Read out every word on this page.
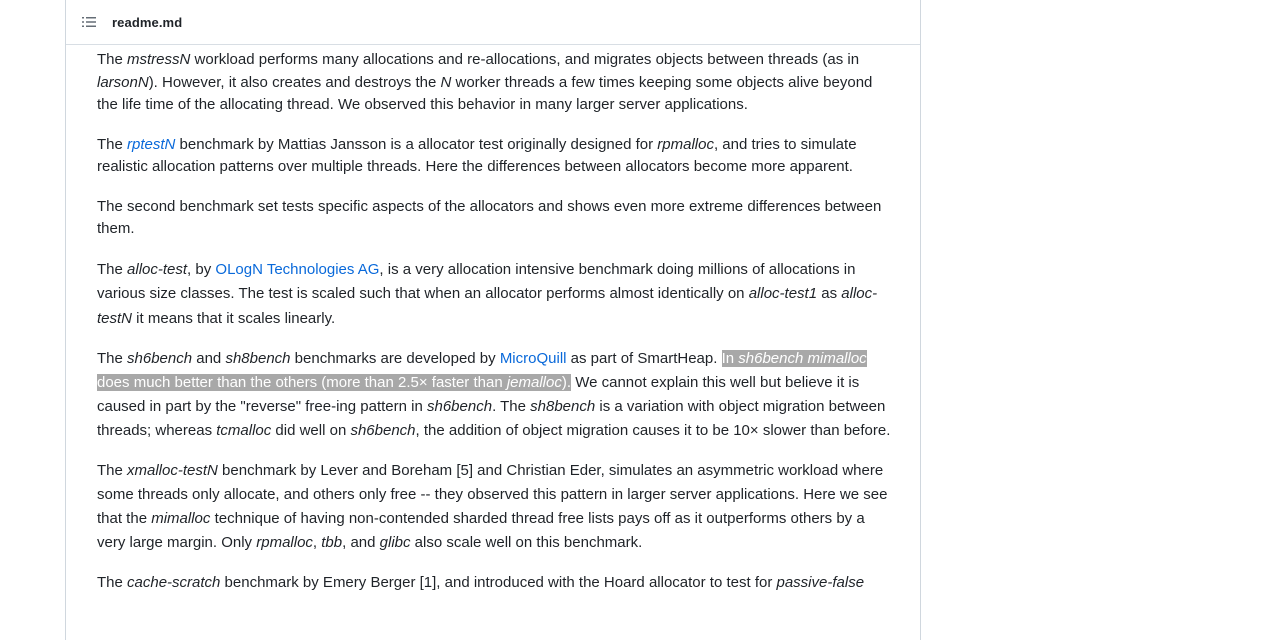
readme.md

The mstressN workload performs many allocations and re-allocations, and migrates objects between threads (as in larsonN). However, it also creates and destroys the N worker threads a few times keeping some objects alive beyond the life time of the allocating thread. We observed this behavior in many larger server applications.

The rptestN benchmark by Mattias Jansson is a allocator test originally designed for rpmalloc, and tries to simulate realistic allocation patterns over multiple threads. Here the differences between allocators become more apparent.

The second benchmark set tests specific aspects of the allocators and shows even more extreme differences between them.

The alloc-test, by OLogN Technologies AG, is a very allocation intensive benchmark doing millions of allocations in various size classes. The test is scaled such that when an allocator performs almost identically on alloc-test1 as alloc-testN it means that it scales linearly.

The sh6bench and sh8bench benchmarks are developed by MicroQuill as part of SmartHeap. In sh6bench mimalloc does much better than the others (more than 2.5× faster than jemalloc). We cannot explain this well but believe it is caused in part by the "reverse" free-ing pattern in sh6bench. The sh8bench is a variation with object migration between threads; whereas tcmalloc did well on sh6bench, the addition of object migration causes it to be 10× slower than before.

The xmalloc-testN benchmark by Lever and Boreham [5] and Christian Eder, simulates an asymmetric workload where some threads only allocate, and others only free -- they observed this pattern in larger server applications. Here we see that the mimalloc technique of having non-contended sharded thread free lists pays off as it outperforms others by a very large margin. Only rpmalloc, tbb, and glibc also scale well on this benchmark.

The cache-scratch benchmark by Emery Berger [1], and introduced with the Hoard allocator to test for passive-false
